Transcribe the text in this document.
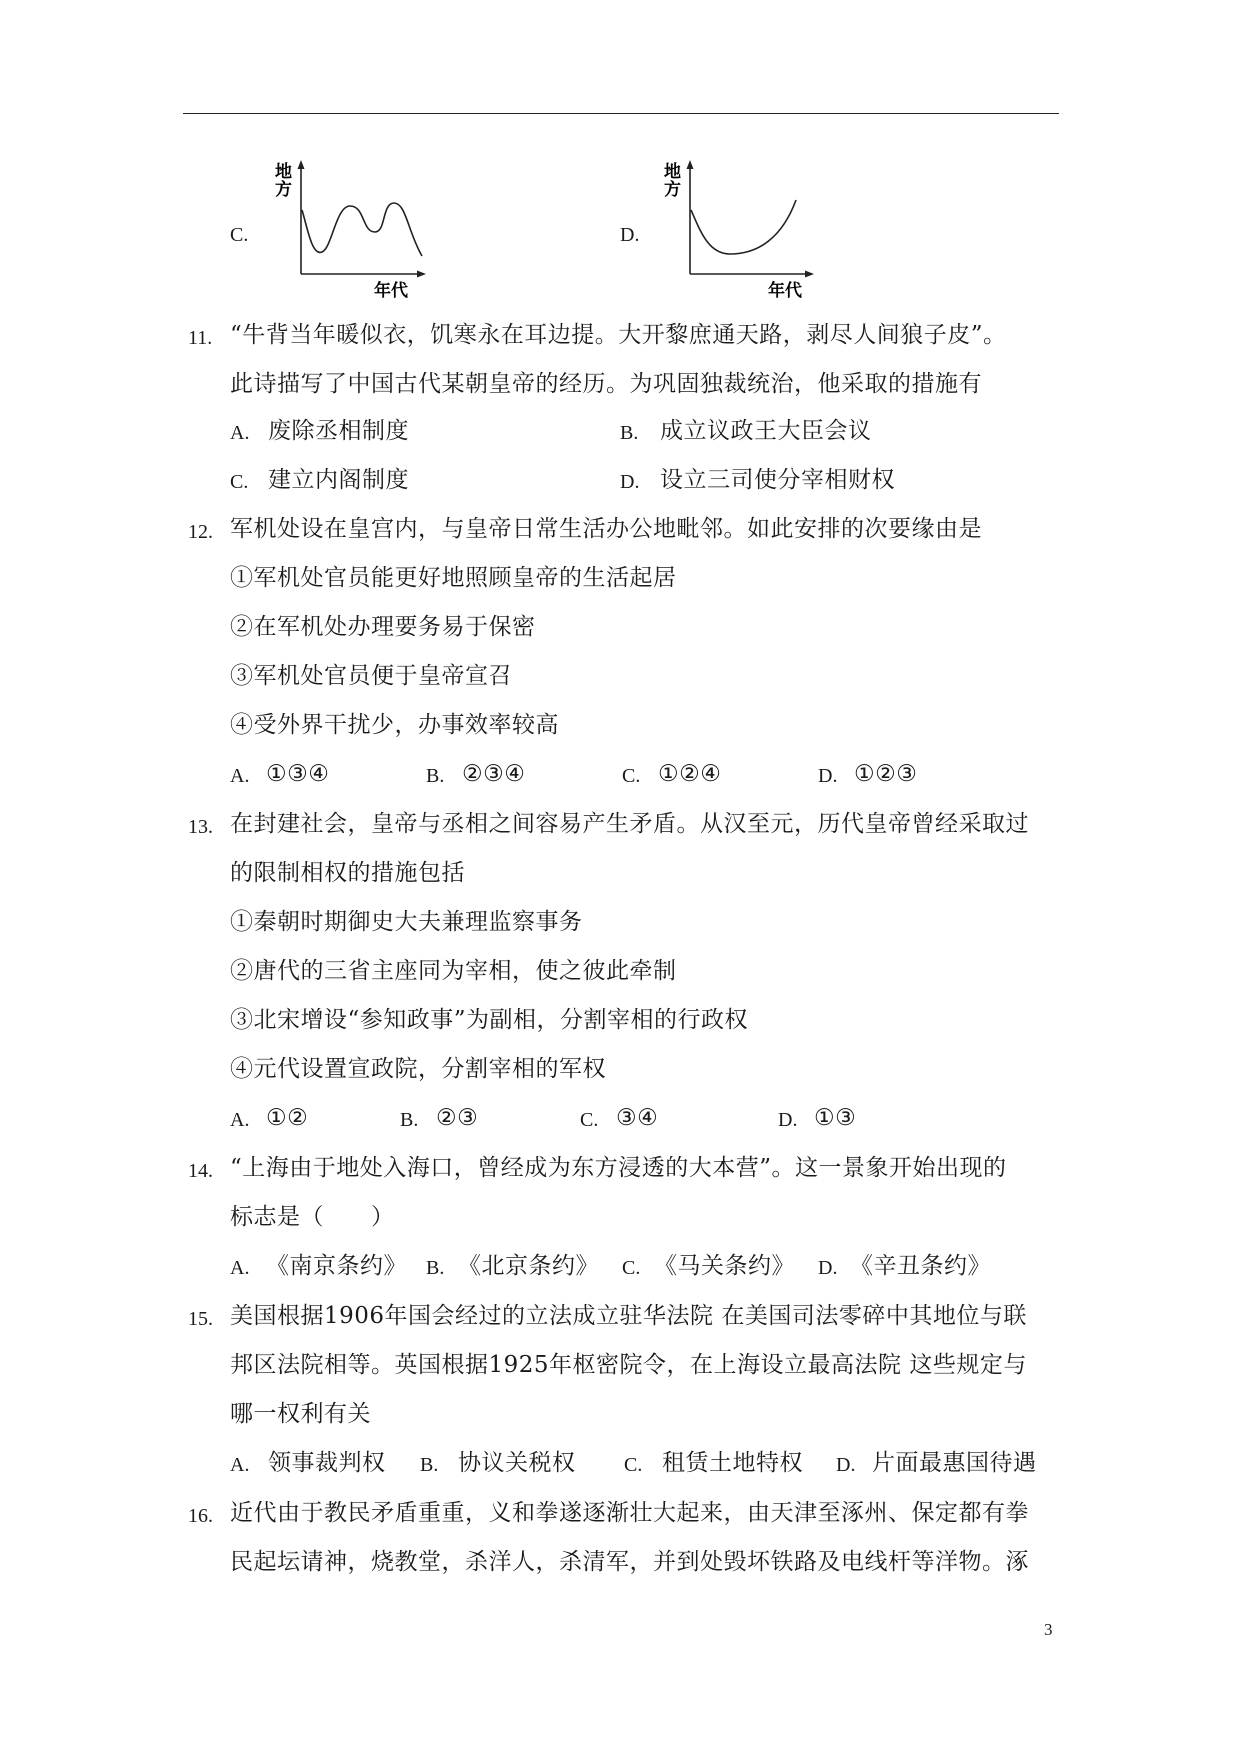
C.
地
方
年代
D.
地
方
年代
11. “牛背当年暖似衣，饥寒永在耳边提。大开黎庶通天路，剥尽人间狼子皮”。
此诗描写了中国古代某朝皇帝的经历。为巩固独裁统治，他采取的措施有
A. 废除丞相制度	B. 成立议政王大臣会议
C. 建立内阁制度	D. 设立三司使分宰相财权
12. 军机处设在皇宫内，与皇帝日常生活办公地毗邻。如此安排的次要缘由是
①军机处官员能更好地照顾皇帝的生活起居
②在军机处办理要务易于保密
③军机处官员便于皇帝宣召
④受外界干扰少，办事效率较高
A. ①③④	B. ②③④	C. ①②④	D. ①②③
13. 在封建社会，皇帝与丞相之间容易产生矛盾。从汉至元，历代皇帝曾经采取过
的限制相权的措施包括
①秦朝时期御史大夫兼理监察事务
②唐代的三省主座同为宰相，使之彼此牵制
③北宋增设“参知政事”为副相，分割宰相的行政权
④元代设置宣政院，分割宰相的军权
A. ①②	B. ②③	C. ③④	D. ①③
14. “上海由于地处入海口，曾经成为东方浸透的大本营”。这一景象开始出现的
标志是（　　）
A. 《南京条约》 B. 《北京条约》 C. 《马关条约》 D. 《辛丑条约》
15. 美国根据1906年国会经过的立法成立驻华法院 在美国司法零碎中其地位与联
邦区法院相等。英国根据1925年枢密院令，在上海设立最高法院 这些规定与
哪一权利有关
A. 领事裁判权 B. 协议关税权 C. 租赁土地特权 D. 片面最惠国待遇
16. 近代由于教民矛盾重重，义和拳遂逐渐壮大起来，由天津至涿州、保定都有拳
民起坛请神，烧教堂，杀洋人，杀清军，并到处毁坏铁路及电线杆等洋物。涿
3
